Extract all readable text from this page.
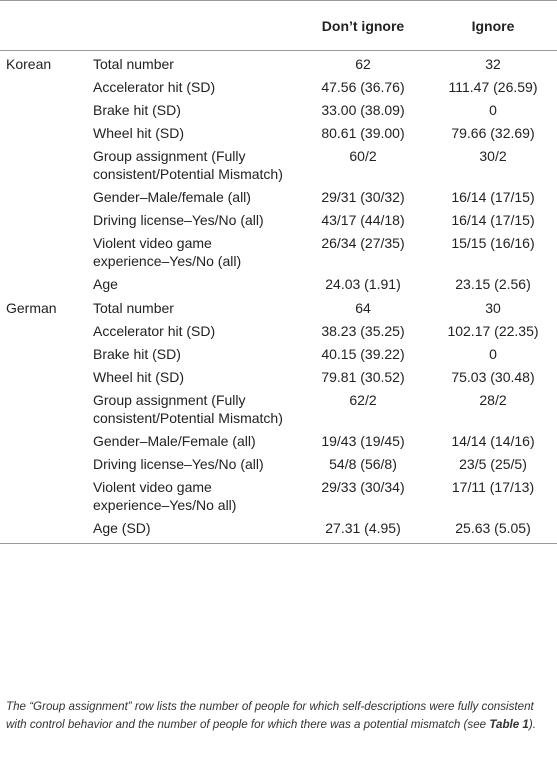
		Don’t ignore	Ignore
Korean	Total number	62	32
	Accelerator hit (SD)	47.56 (36.76)	111.47 (26.59)
	Brake hit (SD)	33.00 (38.09)	0
	Wheel hit (SD)	80.61 (39.00)	79.66 (32.69)
	Group assignment (Fully consistent/Potential Mismatch)	60/2	30/2
	Gender–Male/female (all)	29/31 (30/32)	16/14 (17/15)
	Driving license–Yes/No (all)	43/17 (44/18)	16/14 (17/15)
	Violent video game experience–Yes/No (all)	26/34 (27/35)	15/15 (16/16)
	Age	24.03 (1.91)	23.15 (2.56)
German	Total number	64	30
	Accelerator hit (SD)	38.23 (35.25)	102.17 (22.35)
	Brake hit (SD)	40.15 (39.22)	0
	Wheel hit (SD)	79.81 (30.52)	75.03 (30.48)
	Group assignment (Fully consistent/Potential Mismatch)	62/2	28/2
	Gender–Male/Female (all)	19/43 (19/45)	14/14 (14/16)
	Driving license–Yes/No (all)	54/8 (56/8)	23/5 (25/5)
	Violent video game experience–Yes/No all)	29/33 (30/34)	17/11 (17/13)
	Age (SD)	27.31 (4.95)	25.63 (5.05)

The “Group assignment” row lists the number of people for which self-descriptions were fully consistent with control behavior and the number of people for which there was a potential mismatch (see Table 1).
